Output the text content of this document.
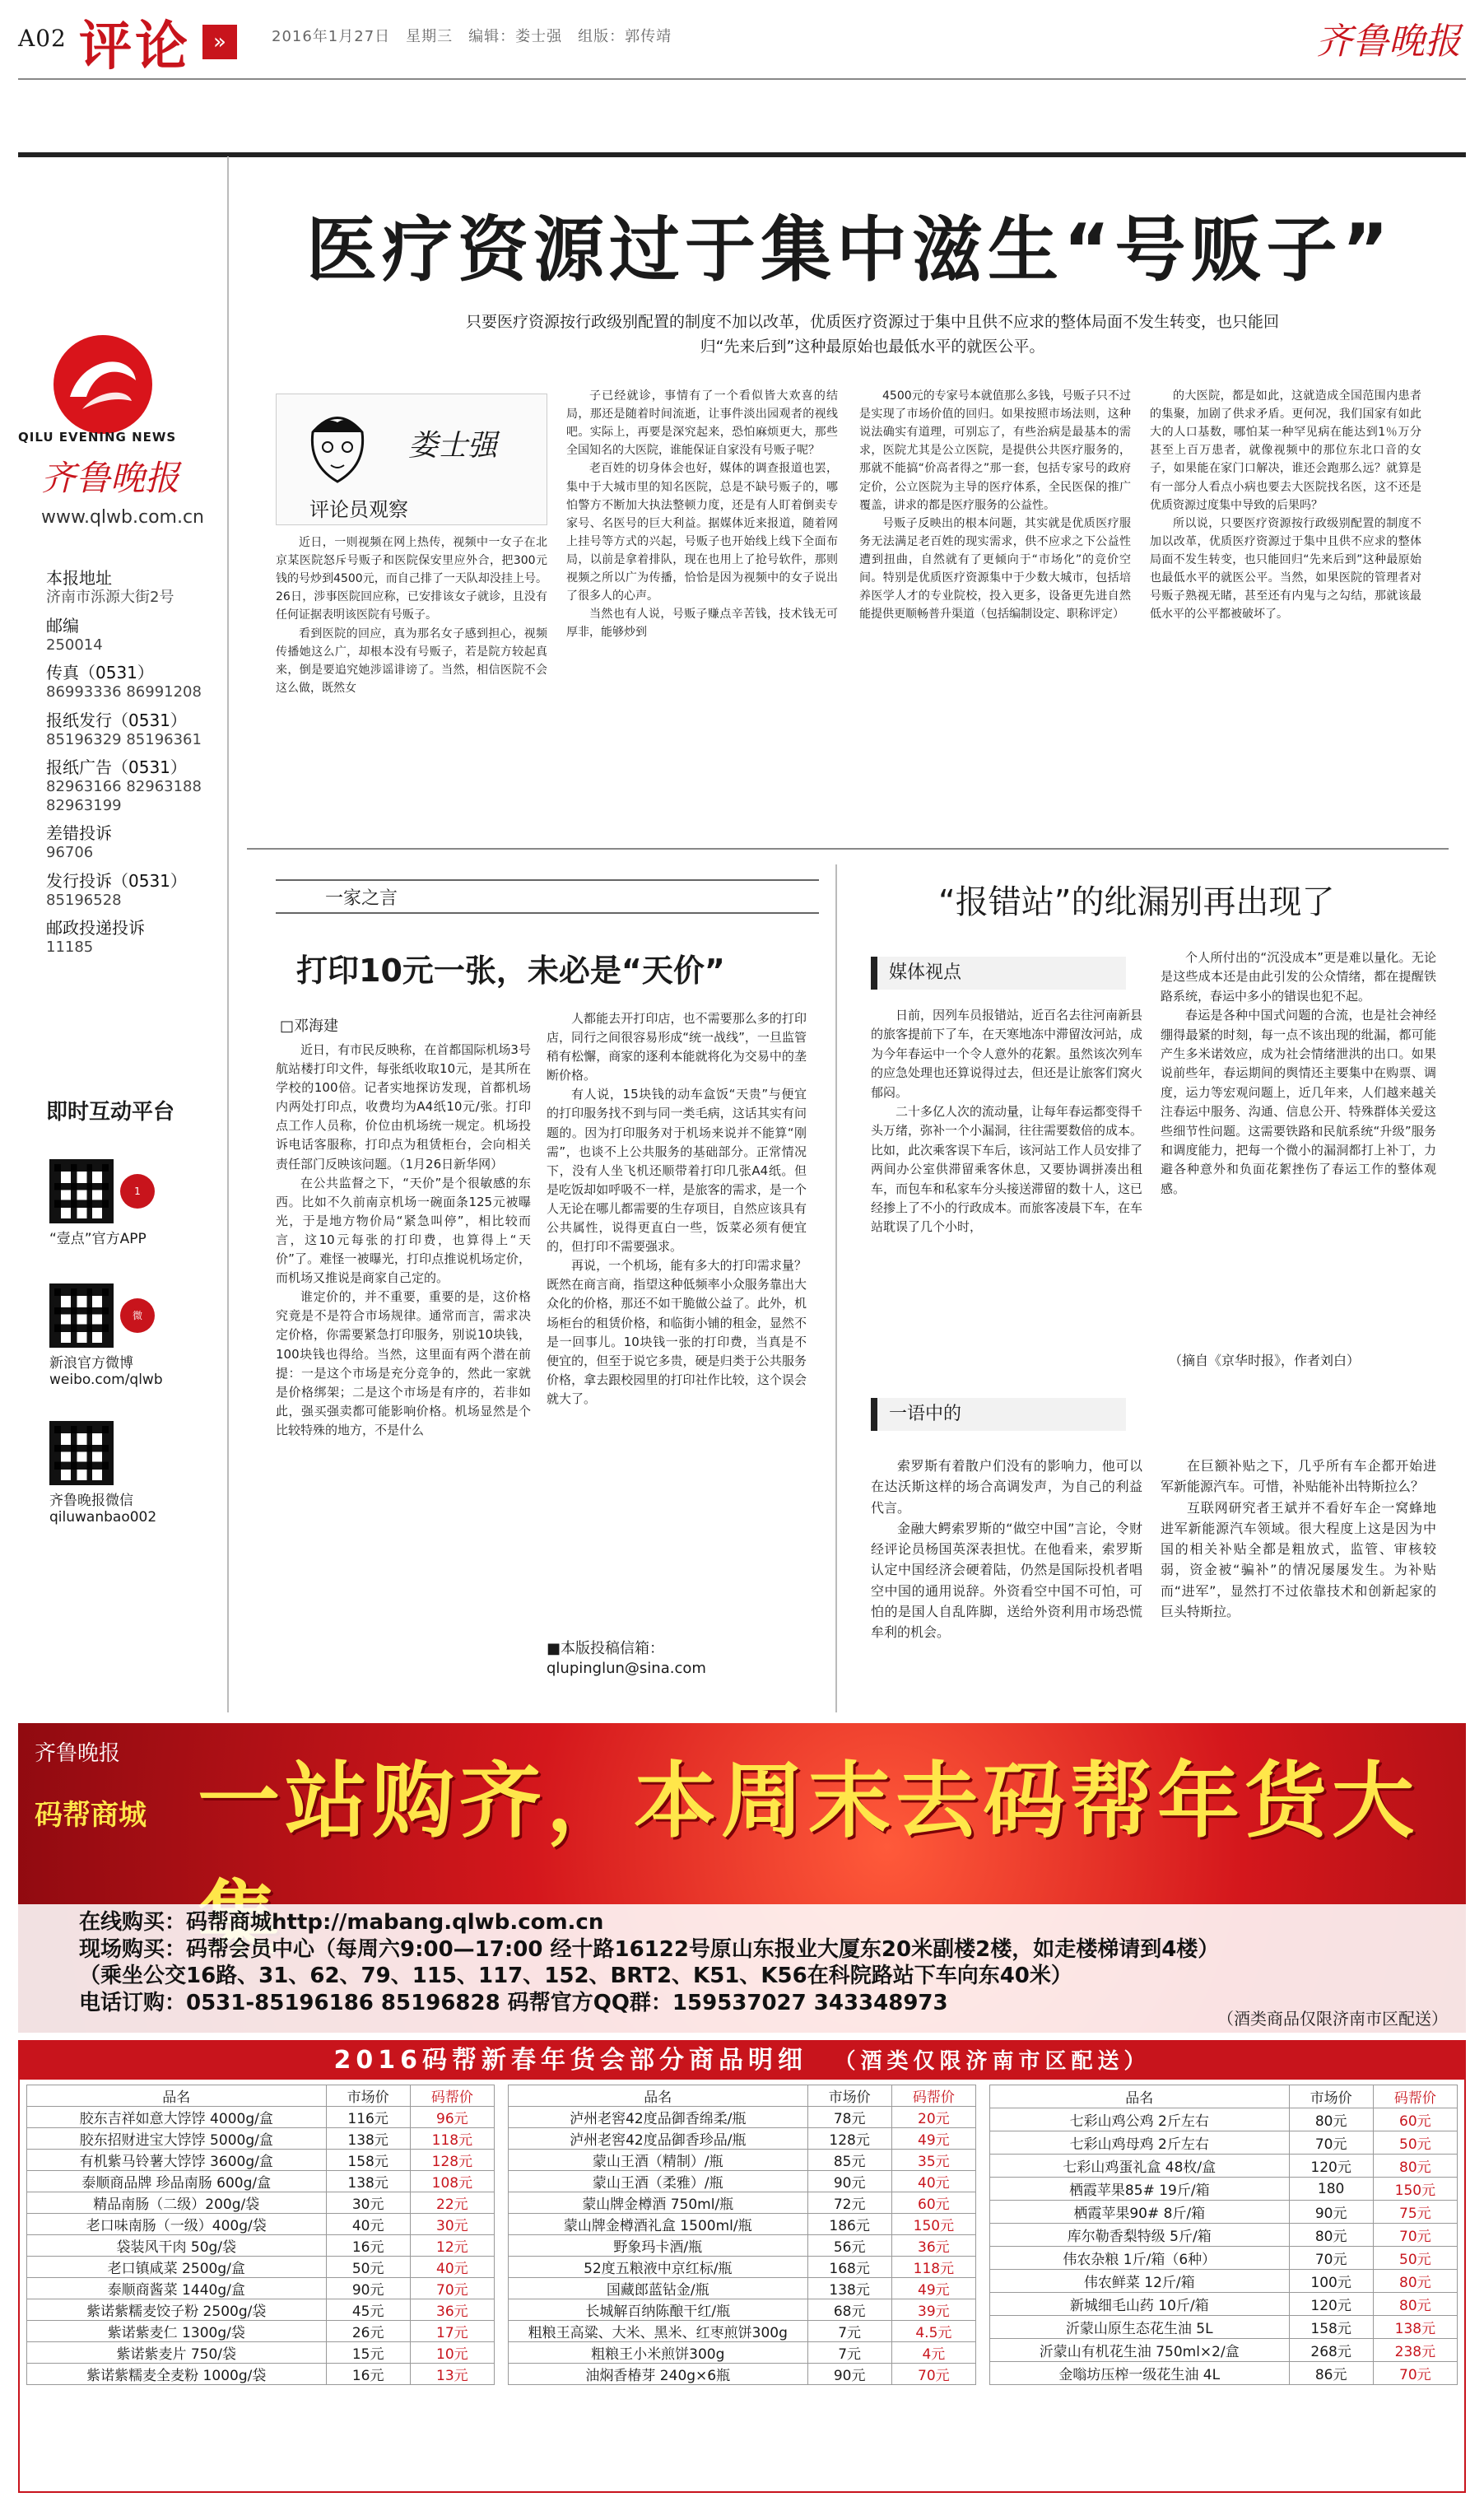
A02 评论	»	2016年1月27日　星期三　编辑：娄士强　组版：郭传靖	齐鲁晚报
QILU EVENING NEWS
齐鲁晚报
www.qlwb.com.cn
本报地址
济南市泺源大街2号
邮编
250014
传真（0531）
86993336 86991208
报纸发行（0531）
85196329 85196361
报纸广告（0531）
82963166 82963188 82963199
差错投诉
96706
发行投诉（0531）
85196528
邮政投递投诉
11185
即时互动平台
1
“壹点”官方APP
微
新浪官方微博 weibo.com/qlwb
齐鲁晚报微信 qiluwanbao002
医疗资源过于集中滋生“号贩子”
只要医疗资源按行政级别配置的制度不加以改革，优质医疗资源过于集中且供不应求的整体局面不发生转变，也只能回归“先来后到”这种最原始也最低水平的就医公平。
娄士强
评论员观察

近日，一则视频在网上热传，视频中一女子在北京某医院怒斥号贩子和医院保安里应外合，把300元钱的号炒到4500元，而自己排了一天队却没挂上号。26日，涉事医院回应称，已安排该女子就诊，且没有任何证据表明该医院有号贩子。

看到医院的回应，真为那名女子感到担心，视频传播她这么广，却根本没有号贩子，若是院方较起真来，倒是要追究她涉谣诽谤了。当然，相信医院不会这么做，既然女

子已经就诊，事情有了一个看似皆大欢喜的结局，那还是随着时间流逝，让事件淡出园观者的视线吧。实际上，再要是深究起来，恐怕麻烦更大，那些全国知名的大医院，谁能保证自家没有号贩子呢？

老百姓的切身体会也好，媒体的调查报道也罢，集中于大城市里的知名医院，总是不缺号贩子的，哪怕警方不断加大执法整顿力度，还是有人盯着倒卖专家号、名医号的巨大利益。据媒体近来报道，随着网上挂号等方式的兴起，号贩子也开始线上线下全面布局，以前是拿着排队，现在也用上了抢号软件，那则视频之所以广为传播，恰恰是因为视频中的女子说出了很多人的心声。

当然也有人说，号贩子赚点辛苦钱，技术钱无可厚非，能够炒到

4500元的专家号本就值那么多钱，号贩子只不过是实现了市场价值的回归。如果按照市场法则，这种说法确实有道理，可别忘了，有些治病是最基本的需求，医院尤其是公立医院，是提供公共医疗服务的，那就不能搞“价高者得之”那一套，包括专家号的政府定价，公立医院为主导的医疗体系，全民医保的推广覆盖，讲求的都是医疗服务的公益性。

号贩子反映出的根本问题，其实就是优质医疗服务无法满足老百姓的现实需求，供不应求之下公益性遭到扭曲，自然就有了更倾向于“市场化”的竞价空间。特别是优质医疗资源集中于少数大城市，包括培养医学人才的专业院校，投入更多，设备更先进自然能提供更顺畅普升渠道（包括编制设定、职称评定）

的大医院，都是如此，这就造成全国范围内患者的集聚，加剧了供求矛盾。更何况，我们国家有如此大的人口基数，哪怕某一种罕见病在能达到1％万分甚至上百万患者，就像视频中的那位东北口音的女子，如果能在家门口解决，谁还会跑那么远？就算是有一部分人看点小病也要去大医院找名医，这不还是优质资源过度集中导致的后果吗？

所以说，只要医疗资源按行政级别配置的制度不加以改革，优质医疗资源过于集中且供不应求的整体局面不发生转变，也只能回归“先来后到”这种最原始也最低水平的就医公平。当然，如果医院的管理者对号贩子熟视无睹，甚至还有内鬼与之勾结，那就该最低水平的公平都被破坏了。

一家之言
打印10元一张，未必是“天价”
□邓海建

近日，有市民反映称，在首都国际机场3号航站楼打印文件，每张纸收取10元，是其所在学校的100倍。记者实地探访发现，首都机场内两处打印点，收费均为A4纸10元/张。打印点工作人员称，价位由机场统一规定。机场投诉电话客服称，打印点为租赁柜台，会向相关责任部门反映该问题。（1月26日新华网）

在公共监督之下，“天价”是个很敏感的东西。比如不久前南京机场一碗面条125元被曝光，于是地方物价局“紧急叫停”，相比较而言，这10元每张的打印费，也算得上“天价”了。难怪一被曝光，打印点推说机场定价，而机场又推说是商家自己定的。

谁定价的，并不重要，重要的是，这价格究竟是不是符合市场规律。通常而言，需求决定价格，你需要紧急打印服务，别说10块钱，100块钱也得给。当然，这里面有两个潜在前提：一是这个市场是充分竞争的，然此一家就是价格绑架；二是这个市场是有序的，若非如此，强买强卖都可能影响价格。机场显然是个比较特殊的地方，不是什么

人都能去开打印店，也不需要那么多的打印店，同行之间很容易形成“统一战线”，一旦监管稍有松懈，商家的逐利本能就将化为交易中的垄断价格。

有人说，15块钱的动车盒饭“天贵”与便宜的打印服务找不到与同一类毛病，这话其实有问题的。因为打印服务对于机场来说并不能算“刚需”，也谈不上公共服务的基础部分。正常情况下，没有人坐飞机还顺带着打印几张A4纸。但是吃饭却如呼吸不一样，是旅客的需求，是一个人无论在哪儿都需要的生存项目，自然应该具有公共属性，说得更直白一些，饭菜必须有便宜的，但打印不需要强求。

再说，一个机场，能有多大的打印需求量？既然在商言商，指望这种低频率小众服务靠出大众化的价格，那还不如干脆做公益了。此外，机场柜台的租赁价格，和临街小铺的租金，显然不是一回事儿。10块钱一张的打印费，当真是不便宜的，但至于说它多贵，硬是归类于公共服务价格，拿去跟校园里的打印社作比较，这个误会就大了。

■本版投稿信箱：
qlupinglun@sina.com
“报错站”的纰漏别再出现了
媒体视点

日前，因列车员报错站，近百名去往河南新县的旅客提前下了车，在天寒地冻中滞留汝河站，成为今年春运中一个令人意外的花絮。虽然该次列车的应急处理也还算说得过去，但还是让旅客们窝火郁闷。

二十多亿人次的流动量，让每年春运都变得千头万绪，弥补一个小漏洞，往往需要数倍的成本。比如，此次乘客误下车后，该河站工作人员安排了两间办公室供滞留乘客休息，又要协调拼凑出租车，而包车和私家车分头接送滞留的数十人，这已经掺上了不小的行政成本。而旅客凌晨下车，在车站耽误了几个小时，

个人所付出的“沉没成本”更是难以量化。无论是这些成本还是由此引发的公众情绪，都在提醒铁路系统，春运中多小的错误也犯不起。

春运是各种中国式问题的合流，也是社会神经绷得最紧的时刻，每一点不该出现的纰漏，都可能产生多米诺效应，成为社会情绪泄洪的出口。如果说前些年，春运期间的舆情还主要集中在购票、调度，运力等宏观问题上，近几年来，人们越来越关注春运中服务、沟通、信息公开、特殊群体关爱这些细节性问题。这需要铁路和民航系统“升级”服务和调度能力，把每一个微小的漏洞都打上补丁，力避各种意外和负面花絮挫伤了春运工作的整体观感。

（摘自《京华时报》，作者刘白）
一语中的

索罗斯有着散户们没有的影响力，他可以在达沃斯这样的场合高调发声，为自己的利益代言。

金融大鳄索罗斯的“做空中国”言论，令财经评论员杨国英深表担忧。在他看来，索罗斯认定中国经济会硬着陆，仍然是国际投机者唱空中国的通用说辞。外资看空中国不可怕，可怕的是国人自乱阵脚，送给外资利用市场恐慌牟利的机会。

在巨额补贴之下，几乎所有车企都开始进军新能源汽车。可惜，补贴能补出特斯拉么？

互联网研究者王斌并不看好车企一窝蜂地进军新能源汽车领域。很大程度上这是因为中国的相关补贴全都是粗放式，监管、审核较弱，资金被“骗补”的情况屡屡发生。为补贴而“进军”，显然打不过依靠技术和创新起家的巨头特斯拉。

齐鲁晚报
码帮商城 一站购齐，本周末去码帮年货大
在线购买：码帮商城http://mabang.qlwb.com.cn
现场购买：码帮会员中心（每周六9:00—17:00 经十路16122号原山东报业大厦东20米副楼2楼，如走楼梯请到4楼）
（乘坐公交16路、31、62、79、115、117、152、BRT2、K51、K56在科院路站下车向东40米）
电话订购：0531-85196186 85196828 码帮官方QQ群：159537027 343348973
（酒类商品仅限济南市区配送）
2016码帮新春年货会部分商品明细 （酒类仅限济南市区配送）
品名	市场价	码帮价
胶东吉祥如意大饽饽 4000g/盒	116元	96元
胶东招财进宝大饽饽 5000g/盒	138元	118元
有机紫马铃薯大饽饽 3600g/盒	158元	128元
泰顺商品牌 珍品南肠 600g/盒	138元	108元
精品南肠（二级）200g/袋	30元	22元
老口味南肠（一级）400g/袋	40元	30元
袋装风干肉 50g/袋	16元	12元
老口镇咸菜 2500g/盒	50元	40元
泰顺商酱菜 1440g/盒	90元	70元
紫诺紫糯麦饺子粉 2500g/袋	45元	36元
紫诺紫麦仁 1300g/袋	26元	17元
紫诺紫麦片 750/袋	15元	10元
紫诺紫糯麦全麦粉 1000g/袋	16元	13元
品名	市场价	码帮价
泸州老窖42度品御香绵柔/瓶	78元	20元
泸州老窖42度品御香珍品/瓶	128元	49元
蒙山王酒（精制）/瓶	85元	35元
蒙山王酒（柔雅）/瓶	90元	40元
蒙山牌金樽酒 750ml/瓶	72元	60元
蒙山牌金樽酒礼盒 1500ml/瓶	186元	150元
野象玛卡酒/瓶	56元	36元
52度五粮液中京红标/瓶	168元	118元
国藏郎蓝钻金/瓶	138元	49元
长城解百纳陈酿干红/瓶	68元	39元
粗粮王高粱、大米、黑米、红枣煎饼300g	7元	4.5元
粗粮王小米煎饼300g	7元	4元
油焖香椿芽 240g×6瓶	90元	70元
品名	市场价	码帮价
七彩山鸡公鸡 2斤左右	80元	60元
七彩山鸡母鸡 2斤左右	70元	50元
七彩山鸡蛋礼盒 48枚/盒	120元	80元
栖霞苹果85# 19斤/箱	180	150元
栖霞苹果90# 8斤/箱	90元	75元
库尔勒香梨特级 5斤/箱	80元	70元
伟农杂粮 1斤/箱（6种）	70元	50元
伟农鲜菜 12斤/箱	100元	80元
新城细毛山药 10斤/箱	120元	80元
沂蒙山原生态花生油 5L	158元	138元
沂蒙山有机花生油 750ml×2/盒	268元	238元
金嗡坊压榨一级花生油 4L	86元	70元
